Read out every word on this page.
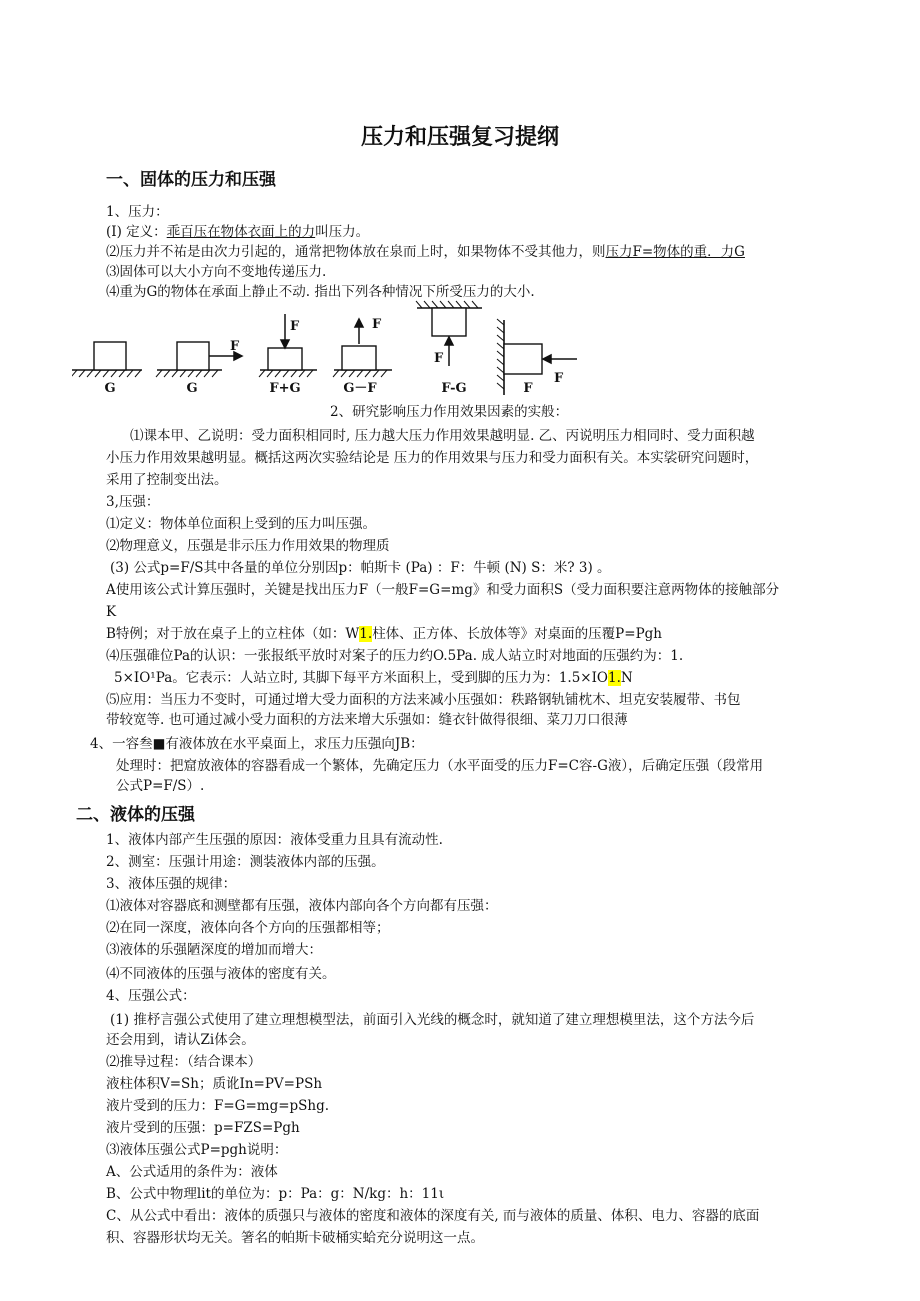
压力和压强复习提纲
一、固体的压力和压强
1、压力：
(I) 定义：乖百压在物体衣面上的力叫压力。
⑵压力并不祐是由次力引起的，通常把物体放在泉而上时，如果物体不受其他力，则压力F=物体的重．力G
⑶固体可以大小方向不变地传递压力.
⑷重为G的物体在承面上静止不动. 指出下列各种情况下所受压力的大小.
F
F	F
F
F
G	G	F+G	G－F	F-G	F
2、研究影响压力作用效果因素的实般：
⑴课本甲、乙说明：受力面积相同时, 压力越大压力作用效果越明显. 乙、丙说明压力相同时、受力面积越
小压力作用效果越明显。概括这两次实验结论是 压力的作用效果与压力和受力面积有关。本实裟研究问题时，
采用了控制变出法。
3,压强：
⑴定义：物体单位面积上受到的压力叫压强。
⑵物理意义，压强是非示压力作用效果的物理质
(3) 公式p=F/S其中各量的单位分别因p：帕斯卡 (Pa) ：F：牛顿 (N) S：米? 3) 。
A使用该公式计算压强时，关键是找出压力F（一般F=G=mg》和受力面积S（受力面积要注意两物体的接触部分
K
B特例；对于放在桌子上的立柱体（如：W1.柱体、正方体、长放体等》对桌面的压覆P=Pgh
⑷压强碓位Pa的认识：一张报纸平放时对案子的压力约O.5Pa. 成人站立时对地面的压强约为：1.
5×IO¹Pa。它表示：人站立时, 其脚下每平方米面积上，受到脚的压力为：1.5×IO1.N
⑸应用：当压力不变时，可通过增大受力面积的方法来减小压强如：秩路钢轨铺枕木、坦克安装履带、书包
带较宽等. 也可通过减小受力面积的方法来增大乐强如：缝衣针做得很细、菜刀刀口很薄
4、一容叁■有液体放在水平桌面上，求压力压强向JB：
处理时：把窟放液体的容器看成一个繁体，先确定压力（水平面受的压力F=C容-G液），后确定压强（段常用
公式P=F/S）.
二、液体的压强
1、液体内部产生压强的原因：液体受重力且具有流动性.
2、测室：压强计用途：测装液体内部的压强。
3、液体压强的规律：
⑴液体对容器底和测壁都有压强，液体内部向各个方向都有压强：
⑵在同一深度，液体向各个方向的压强都相等；
⑶液体的乐强陋深度的增加而增大：
⑷不同液体的压强与液体的密度有关。
4、压强公式：
(1) 推杼言强公式使用了建立理想模型法，前面引入光线的概念时，就知道了建立理想模里法，这个方法今后
还会用到，请认Zi体会。
⑵推导过程：（结合课本）
液柱体积V=Sh；质讹In=PV=PSh
液片受到的压力：F=G=mg=pShg.
液片受到的压强：p=FZS=Pgh
⑶液体压强公式P=pgh说明：
A、公式适用的条件为：液体
B、公式中物理lit的单位为：p：Pa：g：N/kg：h：11ι
C、从公式中看出：液体的质强只与液体的密度和液体的深度有关, 而与液体的质量、体积、电力、容器的底面
积、容器形状均无关。箸名的帕斯卡破桶实蛤充分说明这一点。
